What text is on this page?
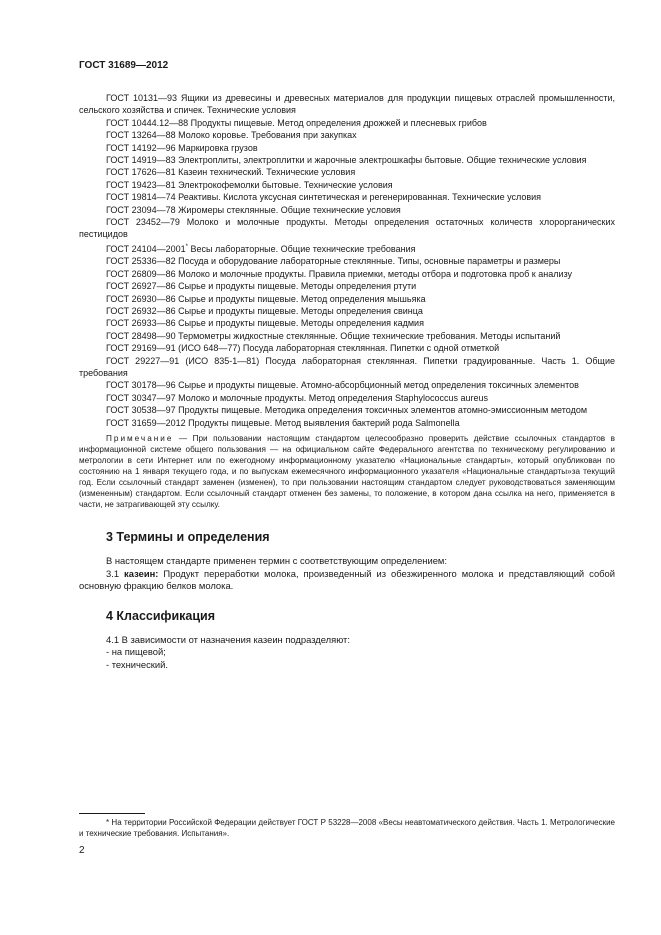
ГОСТ 31689—2012
ГОСТ 10131—93 Ящики из древесины и древесных материалов для продукции пищевых отраслей промышленности, сельского хозяйства и спичек. Технические условия
ГОСТ 10444.12—88 Продукты пищевые. Метод определения дрожжей и плесневых грибов
ГОСТ 13264—88 Молоко коровье. Требования при закупках
ГОСТ 14192—96 Маркировка грузов
ГОСТ 14919—83 Электроплиты, электроплитки и жарочные электрошкафы бытовые. Общие технические условия
ГОСТ 17626—81 Казеин технический. Технические условия
ГОСТ 19423—81 Электрокофемолки бытовые. Технические условия
ГОСТ 19814—74 Реактивы. Кислота уксусная синтетическая и регенерированная. Технические условия
ГОСТ 23094—78 Жиромеры стеклянные. Общие технические условия
ГОСТ 23452—79 Молоко и молочные продукты. Методы определения остаточных количеств хлорорганических пестицидов
ГОСТ 24104—2001* Весы лабораторные. Общие технические требования
ГОСТ 25336—82 Посуда и оборудование лабораторные стеклянные. Типы, основные параметры и размеры
ГОСТ 26809—86 Молоко и молочные продукты. Правила приемки, методы отбора и подготовка проб к анализу
ГОСТ 26927—86 Сырье и продукты пищевые. Методы определения ртути
ГОСТ 26930—86 Сырье и продукты пищевые. Метод определения мышьяка
ГОСТ 26932—86 Сырье и продукты пищевые. Методы определения свинца
ГОСТ 26933—86 Сырье и продукты пищевые. Методы определения кадмия
ГОСТ 28498—90 Термометры жидкостные стеклянные. Общие технические требования. Методы испытаний
ГОСТ 29169—91 (ИСО 648—77) Посуда лабораторная стеклянная. Пипетки с одной отметкой
ГОСТ 29227—91 (ИСО 835-1—81) Посуда лабораторная стеклянная. Пипетки градуированные. Часть 1. Общие требования
ГОСТ 30178—96 Сырье и продукты пищевые. Атомно-абсорбционный метод определения токсичных элементов
ГОСТ 30347—97 Молоко и молочные продукты. Метод определения Staphylococcus aureus
ГОСТ 30538—97 Продукты пищевые. Методика определения токсичных элементов атомно-эмиссионным методом
ГОСТ 31659—2012 Продукты пищевые. Метод выявления бактерий рода Salmonella
Примечание — При пользовании настоящим стандартом целесообразно проверить действие ссылочных стандартов в информационной системе общего пользования — на официальном сайте Федерального агентства по техническому регулированию и метрологии в сети Интернет или по ежегодному информационному указателю «Национальные стандарты», который опубликован по состоянию на 1 января текущего года, и по выпускам ежемесячного информационного указателя «Национальные стандарты»за текущий год. Если ссылочный стандарт заменен (изменен), то при пользовании настоящим стандартом следует руководствоваться заменяющим (измененным) стандартом. Если ссылочный стандарт отменен без замены, то положение, в котором дана ссылка на него, применяется в части, не затрагивающей эту ссылку.
3 Термины и определения
В настоящем стандарте применен термин с соответствующим определением:
3.1 казеин: Продукт переработки молока, произведенный из обезжиренного молока и представляющий собой основную фракцию белков молока.
4 Классификация
4.1 В зависимости от назначения казеин подразделяют:
- на пищевой;
- технический.
* На территории Российской Федерации действует ГОСТ Р 53228—2008 «Весы неавтоматического действия. Часть 1. Метрологические и технические требования. Испытания».
2
